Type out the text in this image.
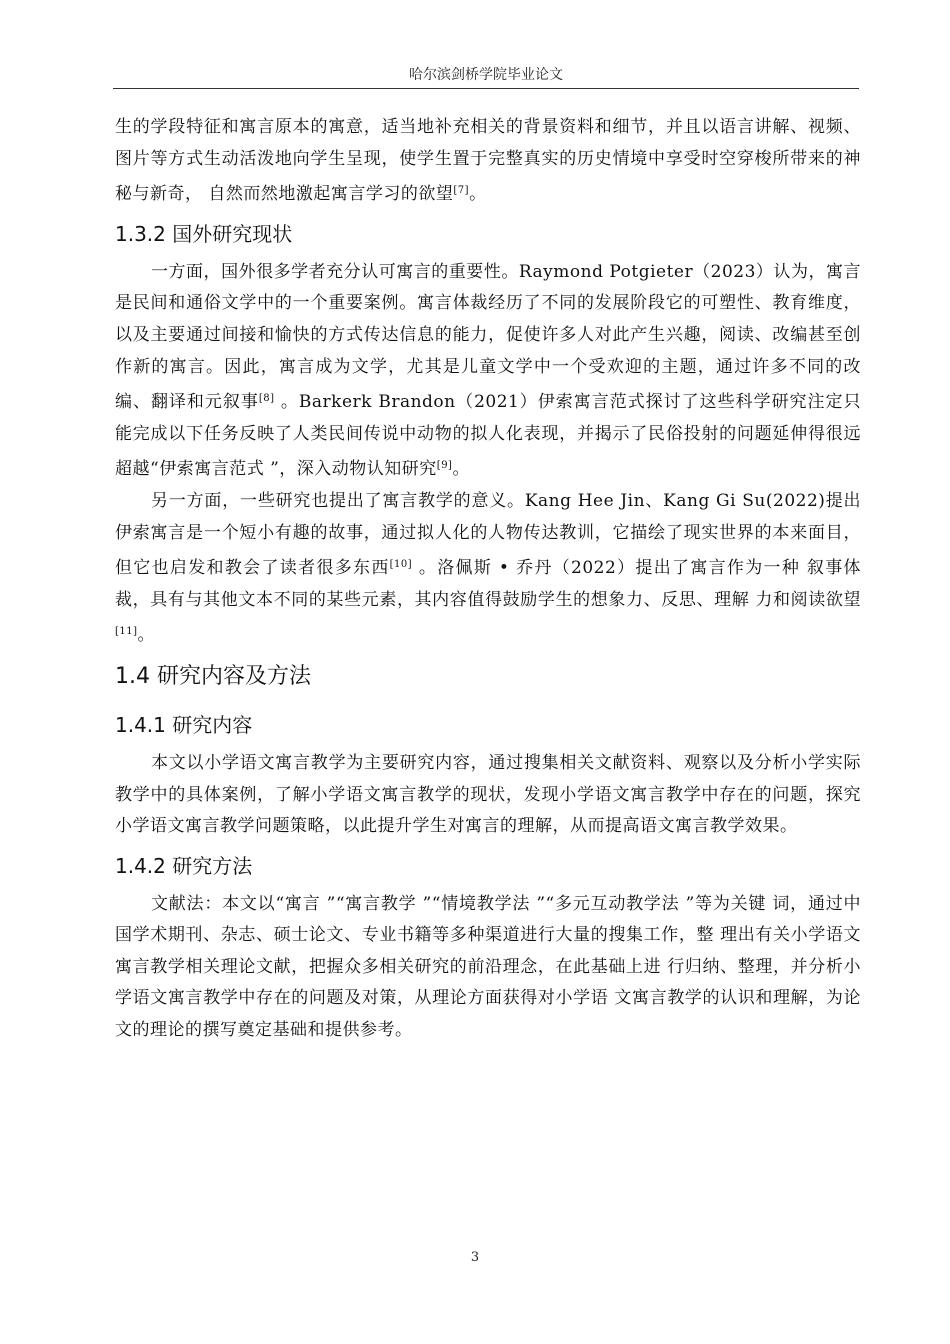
哈尔滨剑桥学院毕业论文

生的学段特征和寓言原本的寓意，适当地补充相关的背景资料和细节，并且以语言讲解、视频、图片等方式生动活泼地向学生呈现，使学生置于完整真实的历史情境中享受时空穿梭所带来的神秘与新奇， 自然而然地激起寓言学习的欲望[7]。

1.3.2 国外研究现状

一方面，国外很多学者充分认可寓言的重要性。Raymond Potgieter（2023）认为，寓言是民间和通俗文学中的一个重要案例。寓言体裁经历了不同的发展阶段它的可塑性、教育维度，以及主要通过间接和愉快的方式传达信息的能力，促使许多人对此产生兴趣，阅读、改编甚至创作新的寓言。因此，寓言成为文学，尤其是儿童文学中一个受欢迎的主题，通过许多不同的改编、翻译和元叙事[8] 。Barkerk Brandon（2021）伊索寓言范式探讨了这些科学研究注定只能完成以下任务反映了人类民间传说中动物的拟人化表现，并揭示了民俗投射的问题延伸得很远超越“伊索寓言范式 ”，深入动物认知研究[9]。

另一方面，一些研究也提出了寓言教学的意义。Kang Hee Jin、Kang Gi Su(2022)提出伊索寓言是一个短小有趣的故事，通过拟人化的人物传达教训，它描绘了现实世界的本来面目，但它也启发和教会了读者很多东西[10] 。洛佩斯 • 乔丹（2022）提出了寓言作为一种 叙事体裁，具有与其他文本不同的某些元素，其内容值得鼓励学生的想象力、反思、理解 力和阅读欲望[11]。

1.4 研究内容及方法
1.4.1 研究内容

本文以小学语文寓言教学为主要研究内容，通过搜集相关文献资料、观察以及分析小学实际教学中的具体案例，了解小学语文寓言教学的现状，发现小学语文寓言教学中存在的问题，探究小学语文寓言教学问题策略，以此提升学生对寓言的理解，从而提高语文寓言教学效果。

1.4.2 研究方法

文献法：本文以“寓言 ”“寓言教学 ”“情境教学法 ”“多元互动教学法 ”等为关键 词，通过中国学术期刊、杂志、硕士论文、专业书籍等多种渠道进行大量的搜集工作，整 理出有关小学语文寓言教学相关理论文献，把握众多相关研究的前沿理念，在此基础上进 行归纳、整理，并分析小学语文寓言教学中存在的问题及对策，从理论方面获得对小学语 文寓言教学的认识和理解，为论文的理论的撰写奠定基础和提供参考。

3
